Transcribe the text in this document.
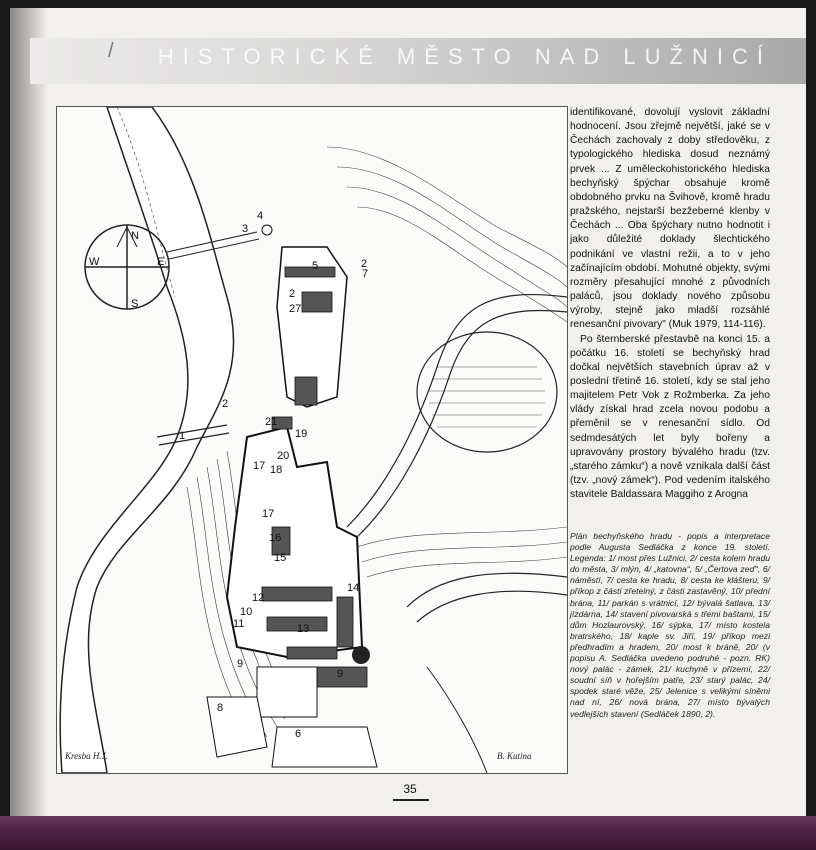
/ HISTORICKÉ MĚSTO NAD LUŽNICÍ
N
S
E
W
1
2
3
4
5
6
7
8
9
10
11
12
13
14
15
16
17
17 18
19
20
21
27
2
2
9
Kresba H.J.	B. Kutina

identifikované, dovolují vyslovit základní hodnocení. Jsou zřejmě největší, jaké se v Čechách zachovaly z doby středověku, z typologického hlediska dosud neznámý prvek ... Z uměleckohistorického hlediska bechyňský špýchar obsahuje kromě obdobného prvku na Švihově, kromě hradu pražského, nejstarší bezžeberné klenby v Čechách ... Oba špýchary nutno hodnotit i jako důležité doklady šlechtického podnikání ve vlastní režii, a to v jeho začínajícím období. Mohutné objekty, svými rozměry přesahující mnohé z původních paláců, jsou doklady nového způsobu výroby, stejně jako mladší rozsáhlé renesanční pivovary" (Muk 1979, 114-116).

Po šternberské přestavbě na konci 15. a počátku 16. století se bechyňský hrad dočkal největších stavebních úprav až v poslední třetině 16. století, kdy se stal jeho majitelem Petr Vok z Rožmberka. Za jeho vlády získal hrad zcela novou podobu a přeměnil se v renesanční sídlo. Od sedmdesátých let byly bořeny a upravovány prostory bývalého hradu (tzv. „starého zámku“) a nově vznikala další část (tzv. „nový zámek“). Pod vedením italského stavitele Baldassara Maggiho z Arogna

Plán bechyňského hradu - popis a interpretace podle Augusta Sedláčka z konce 19. století. Legenda: 1/ most přes Lužnici, 2/ cesta kolem hradu do města, 3/ mlýn, 4/ „katovna“, 5/ „Čertova zeď“, 6/ náměstí, 7/ cesta ke hradu, 8/ cesta ke klášteru, 9/ příkop z části zřetelný, z části zastavěný, 10/ přední brána, 11/ parkán s vrátnicí, 12/ bývalá šatlava, 13/ jízdárna, 14/ stavení pivovarská s třemi baštami, 15/ dům Hozlaurovský, 16/ sýpka, 17/ místo kostela bratrského, 18/ kaple sv. Jiří, 19/ příkop mezi předhradím a hradem, 20/ most k bráně, 20/ (v popisu A. Sedláčka uvedeno podruhé - pozn. RK) nový palác - zámek, 21/ kuchyně v přízemí, 22/ soudní síň v hořejším patře, 23/ starý palác, 24/ spodek staré věže, 25/ Jelenice s velikými síněmi nad ní, 26/ nová brána, 27/ místo bývalých vedlejších stavení (Sedláček 1890, 2).

35
